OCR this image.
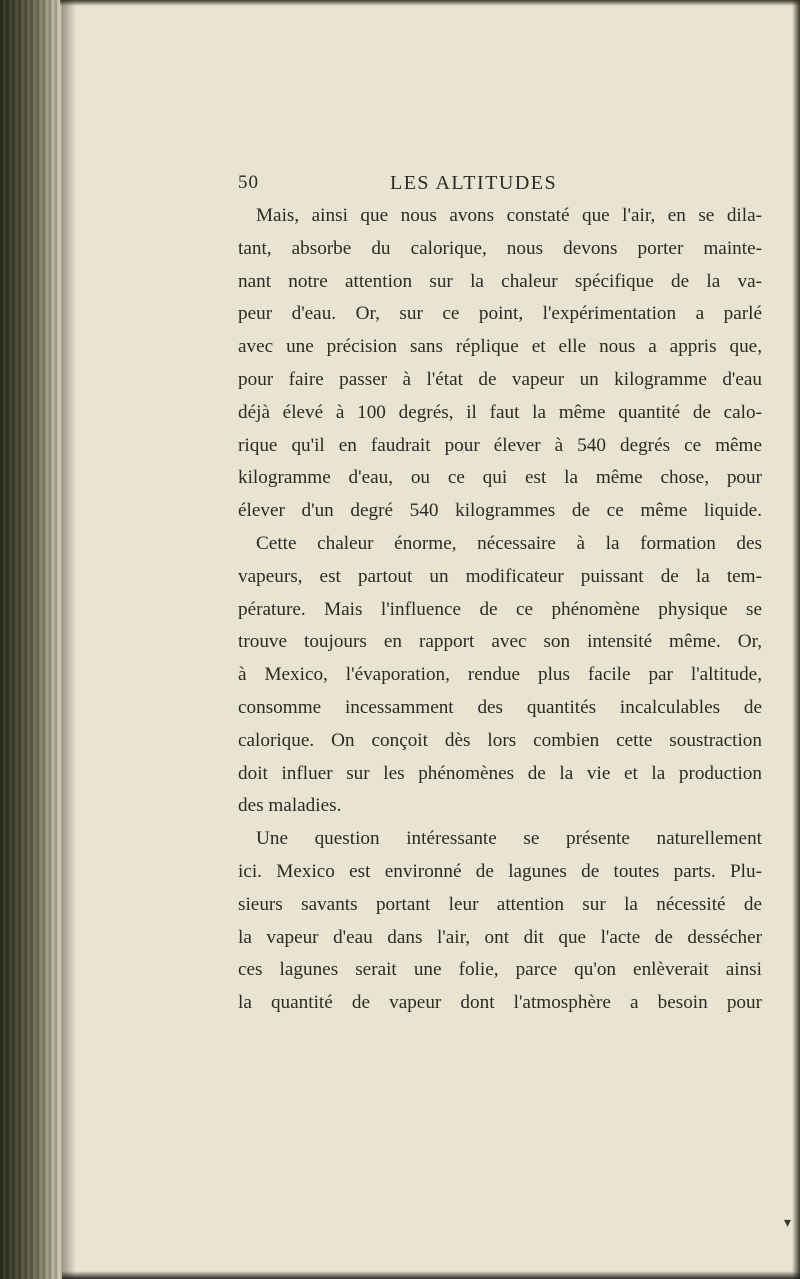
50	LES ALTITUDES
Mais, ainsi que nous avons constaté que l'air, en se dila-
tant, absorbe du calorique, nous devons porter mainte-
nant notre attention sur la chaleur spécifique de la va-
peur d'eau. Or, sur ce point, l'expérimentation a parlé
avec une précision sans réplique et elle nous a appris que,
pour faire passer à l'état de vapeur un kilogramme d'eau
déjà élevé à 100 degrés, il faut la même quantité de calo-
rique qu'il en faudrait pour élever à 540 degrés ce même
kilogramme d'eau, ou ce qui est la même chose, pour
élever d'un degré 540 kilogrammes de ce même liquide.
Cette chaleur énorme, nécessaire à la formation des
vapeurs, est partout un modificateur puissant de la tem-
pérature. Mais l'influence de ce phénomène physique se
trouve toujours en rapport avec son intensité même. Or,
à Mexico, l'évaporation, rendue plus facile par l'altitude,
consomme incessamment des quantités incalculables de
calorique. On conçoit dès lors combien cette soustraction
doit influer sur les phénomènes de la vie et la production
des maladies.
Une question intéressante se présente naturellement
ici. Mexico est environné de lagunes de toutes parts. Plu-
sieurs savants portant leur attention sur la nécessité de
la vapeur d'eau dans l'air, ont dit que l'acte de dessécher
ces lagunes serait une folie, parce qu'on enlèverait ainsi
la quantité de vapeur dont l'atmosphère a besoin pour
▾
